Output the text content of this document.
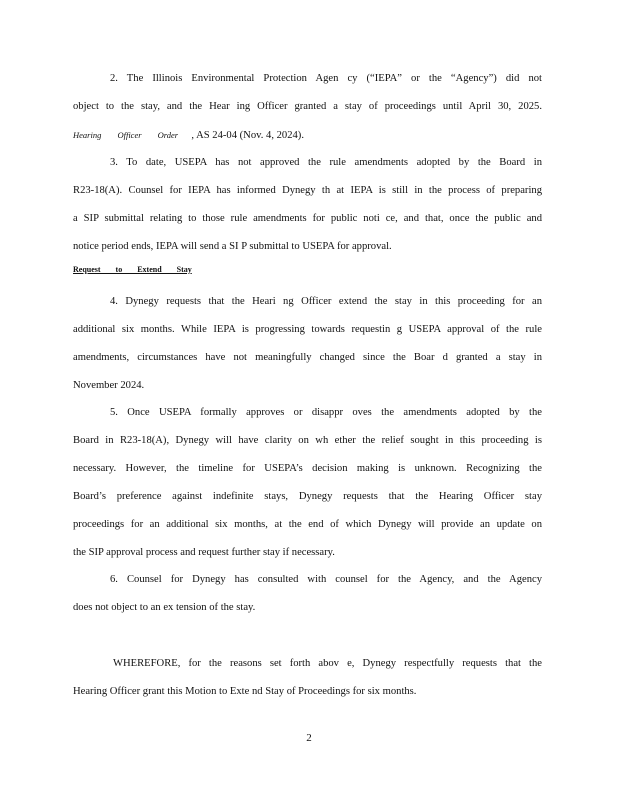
2. The Illinois Environmental Protection Agen cy (“IEPA” or the “Agency”) did not
object to the stay, and the Hear ing Officer granted a stay of proceedings until April 30, 2025.
Hearing Officer Order , AS 24-04 (Nov. 4, 2024).
3. To date, USEPA has not approved the rule amendments adopted by the Board in
R23-18(A). Counsel for IEPA has informed Dynegy th at IEPA is still in the process of preparing
a SIP submittal relating to those rule amendments for public noti ce, and that, once the public and
notice period ends, IEPA will send a SI P submittal to USEPA for approval.
Request to Extend Stay
4. Dynegy requests that the Heari ng Officer extend the stay in this proceeding for an
additional six months. While IEPA is progressing towards requestin g USEPA approval of the rule
amendments, circumstances have not meaningfully changed since the Boar d granted a stay in
November 2024.
5. Once USEPA formally approves or disappr oves the amendments adopted by the
Board in R23-18(A), Dynegy will have clarity on wh ether the relief sought in this proceeding is
necessary. However, the timeline for USEPA’s decision making is unknown. Recognizing the
Board’s preference against indefinite stays, Dynegy requests that the Hearing Officer stay
proceedings for an additional six months, at the end of which Dynegy will provide an update on
the SIP approval process and request further stay if necessary.
6. Counsel for Dynegy has consulted with counsel for the Agency, and the Agency
does not object to an ex tension of the stay.
WHEREFORE, for the reasons set forth abov e, Dynegy respectfully requests that the
Hearing Officer grant this Motion to Exte nd Stay of Proceedings for six months.
2
